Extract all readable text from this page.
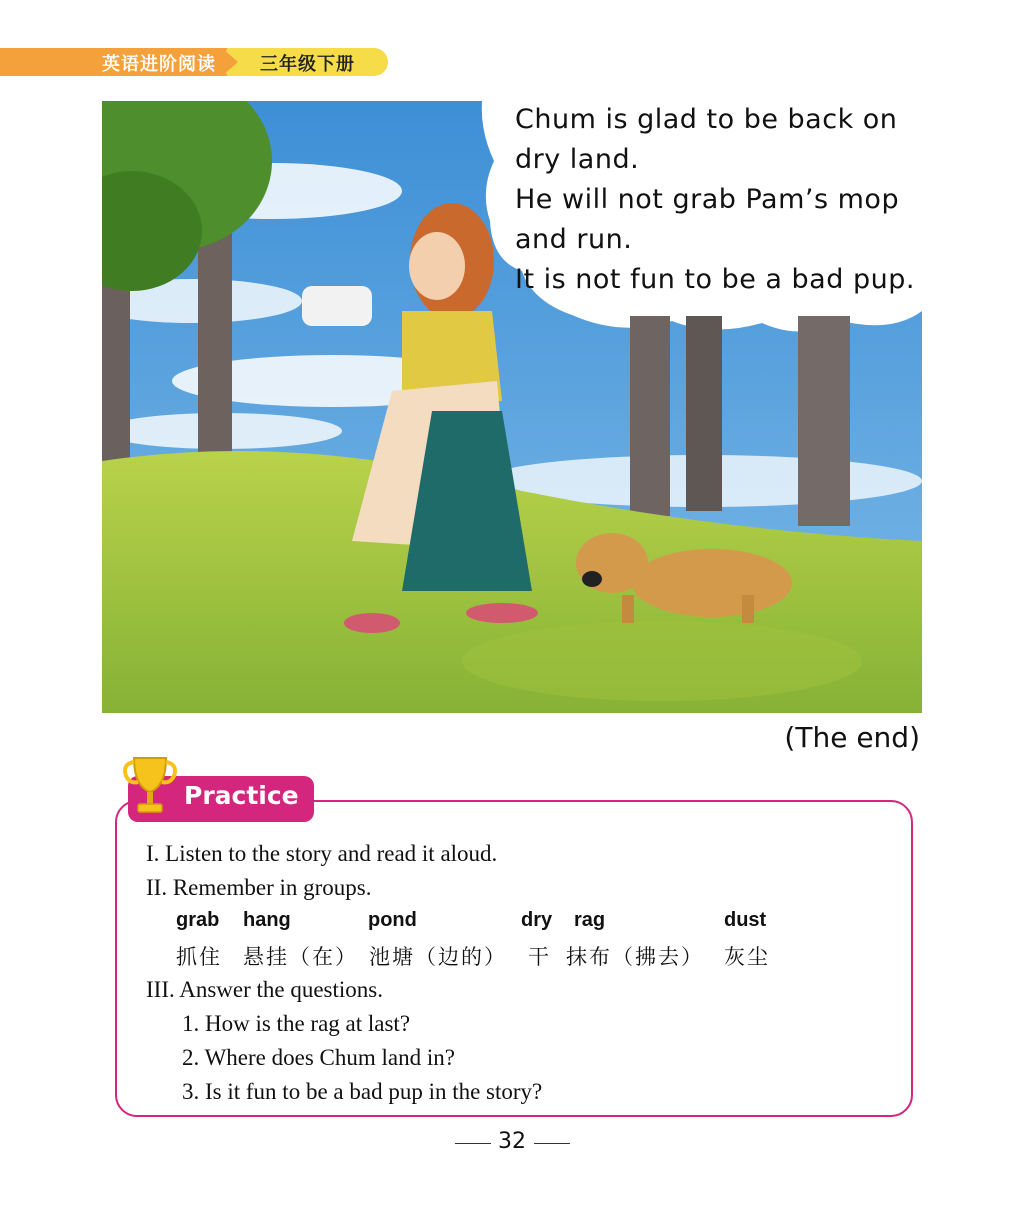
英语进阶阅读 三年级下册
Chum is glad to be back on
dry land.
He will not grab Pam’s mop
and run.
It is not fun to be a bad pup.
(The end)
Practice
I. Listen to the story and read it aloud.
II. Remember in groups.
grab hang	pond	dry rag	dust
抓住 悬挂（在） 池塘（边的） 干 抹布（拂去） 灰尘
III. Answer the questions.
1. How is the rag at last?
2. Where does Chum land in?
3. Is it fun to be a bad pup in the story?
32
